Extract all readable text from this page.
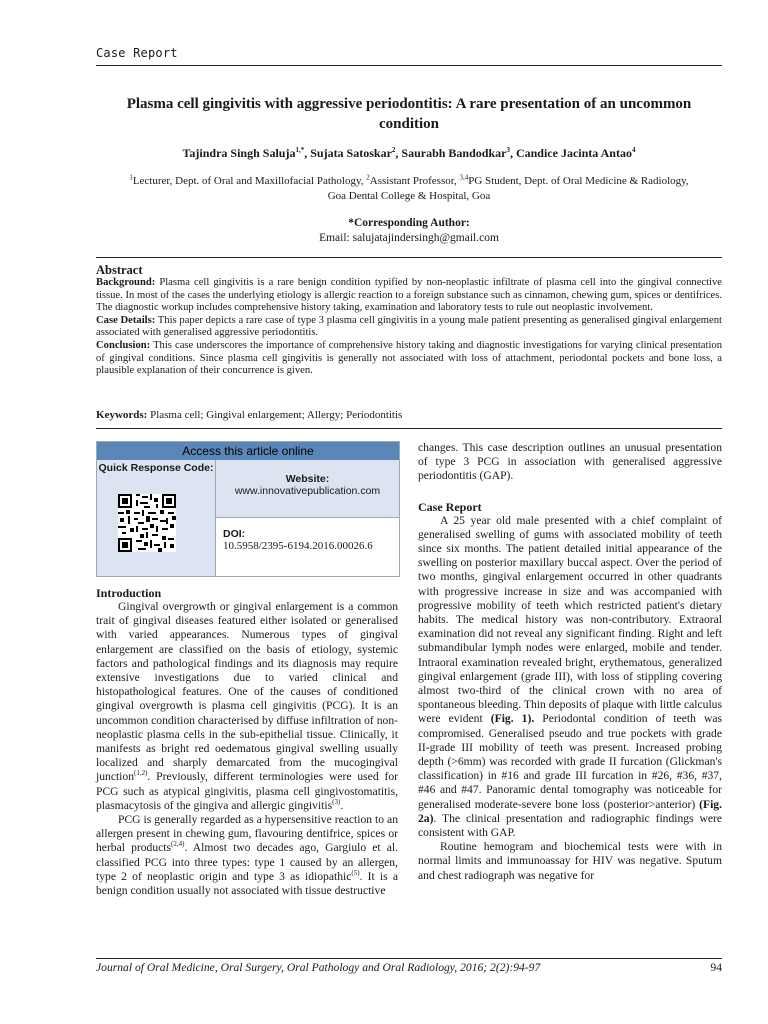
Case Report
Plasma cell gingivitis with aggressive periodontitis: A rare presentation of an uncommon condition
Tajindra Singh Saluja$^{1,*}$, Sujata Satoskar$^2$, Saurabh Bandodkar$^3$, Candice Jacinta Antao$^4$
$^1$Lecturer, Dept. of Oral and Maxillofacial Pathology, $^2$Assistant Professor, $^{3,4}$PG Student, Dept. of Oral Medicine & Radiology,
Goa Dental College & Hospital, Goa
*Corresponding Author:
Email: salujatajindersingh@gmail.com
Abstract

Background: Plasma cell gingivitis is a rare benign condition typified by non-neoplastic infiltrate of plasma cell into the gingival connective tissue. In most of the cases the underlying etiology is allergic reaction to a foreign substance such as cinnamon, chewing gum, spices or dentifrices. The diagnostic workup includes comprehensive history taking, examination and laboratory tests to rule out neoplastic involvement.

Case Details: This paper depicts a rare case of type 3 plasma cell gingivitis in a young male patient presenting as generalised gingival enlargement associated with generalised aggressive periodontitis.

Conclusion: This case underscores the importance of comprehensive history taking and diagnostic investigations for varying clinical presentation of gingival conditions. Since plasma cell gingivitis is generally not associated with loss of attachment, periodontal pockets and bone loss, a plausible explanation of their concurrence is given.

Keywords: Plasma cell; Gingival enlargement; Allergy; Periodontitis
Access this article online
Quick Response Code:
Website:
www.innovativepublication.com
DOI:
10.5958/2395-6194.2016.00026.6
Introduction

Gingival overgrowth or gingival enlargement is a common trait of gingival diseases featured either isolated or generalised with varied appearances. Numerous types of gingival enlargement are classified on the basis of etiology, systemic factors and pathological findings and its diagnosis may require extensive investigations due to varied clinical and histopathological features. One of the causes of conditioned gingival overgrowth is plasma cell gingivitis (PCG). It is an uncommon condition characterised by diffuse infiltration of non-neoplastic plasma cells in the sub-epithelial tissue. Clinically, it manifests as bright red oedematous gingival swelling usually localized and sharply demarcated from the mucogingival junction$^{(1,2)}$. Previously, different terminologies were used for PCG such as atypical gingivitis, plasma cell gingivostomatitis, plasmacytosis of the gingiva and allergic gingivitis$^{(3)}$.

PCG is generally regarded as a hypersensitive reaction to an allergen present in chewing gum, flavouring dentifrice, spices or herbal products$^{(2,4)}$. Almost two decades ago, Gargiulo et al. classified PCG into three types: type 1 caused by an allergen, type 2 of neoplastic origin and type 3 as idiopathic$^{(5)}$. It is a benign condition usually not associated with tissue destructive

changes. This case description outlines an unusual presentation of type 3 PCG in association with generalised aggressive periodontitis (GAP).

Case Report

A 25 year old male presented with a chief complaint of generalised swelling of gums with associated mobility of teeth since six months. The patient detailed initial appearance of the swelling on posterior maxillary buccal aspect. Over the period of two months, gingival enlargement occurred in other quadrants with progressive increase in size and was accompanied with progressive mobility of teeth which restricted patient's dietary habits. The medical history was non-contributory. Extraoral examination did not reveal any significant finding. Right and left submandibular lymph nodes were enlarged, mobile and tender. Intraoral examination revealed bright, erythematous, generalized gingival enlargement (grade III), with loss of stippling covering almost two-third of the clinical crown with no area of spontaneous bleeding. Thin deposits of plaque with little calculus were evident (Fig. 1). Periodontal condition of teeth was compromised. Generalised pseudo and true pockets with grade II-grade III mobility of teeth was present. Increased probing depth (>6mm) was recorded with grade II furcation (Glickman's classification) in #16 and grade III furcation in #26, #36, #37, #46 and #47. Panoramic dental tomography was noticeable for generalised moderate-severe bone loss (posterior>anterior) (Fig. 2a). The clinical presentation and radiographic findings were consistent with GAP.

Routine hemogram and biochemical tests were with in normal limits and immunoassay for HIV was negative. Sputum and chest radiograph was negative for

Journal of Oral Medicine, Oral Surgery, Oral Pathology and Oral Radiology, 2016; 2(2):94-97	94
